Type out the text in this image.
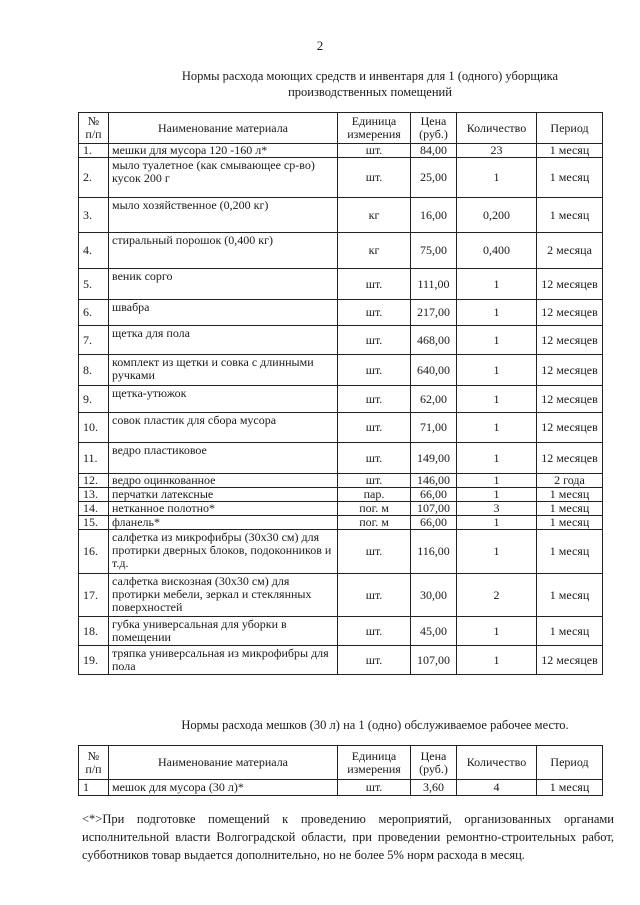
2
Нормы расхода моющих средств и инвентаря для 1 (одного) уборщика производственных помещений
№ п/п	Наименование материала	Единица измерения	Цена (руб.)	Количество	Период
1.	мешки для мусора 120 -160 л*	шт.	84,00	23	1 месяц
2.	мыло туалетное (как смывающее ср-во) кусок 200 г	шт.	25,00	1	1 месяц
3.	мыло хозяйственное (0,200 кг)	кг	16,00	0,200	1 месяц
4.	стиральный порошок (0,400 кг)	кг	75,00	0,400	2 месяца
5.	веник сорго	шт.	111,00	1	12 месяцев
6.	швабра	шт.	217,00	1	12 месяцев
7.	щетка для пола	шт.	468,00	1	12 месяцев
8.	комплект из щетки и совка с длинными ручками	шт.	640,00	1	12 месяцев
9.	щетка-утюжок	шт.	62,00	1	12 месяцев
10.	совок пластик для сбора мусора	шт.	71,00	1	12 месяцев
11.	ведро пластиковое	шт.	149,00	1	12 месяцев
12.	ведро оцинкованное	шт.	146,00	1	2 года
13.	перчатки латексные	пар.	66,00	1	1 месяц
14.	нетканное полотно*	пог. м	107,00	3	1 месяц
15.	фланель*	пог. м	66,00	1	1 месяц
16.	салфетка из микрофибры (30х30 см) для протирки дверных блоков, подоконников и т.д.	шт.	116,00	1	1 месяц
17.	салфетка вискозная (30х30 см) для протирки мебели, зеркал и стеклянных поверхностей	шт.	30,00	2	1 месяц
18.	губка универсальная для уборки в помещении	шт.	45,00	1	1 месяц
19.	тряпка универсальная из микрофибры для пола	шт.	107,00	1	12 месяцев
Нормы расхода мешков (30 л) на 1 (одно) обслуживаемое рабочее место.
№ п/п	Наименование материала	Единица измерения	Цена (руб.)	Количество	Период
1	мешок для мусора (30 л)*	шт.	3,60	4	1 месяц
<*>При подготовке помещений к проведению мероприятий, организованных органами исполнительной власти Волгоградской области, при проведении ремонтно-строительных работ, субботников товар выдается дополнительно, но не более 5% норм расхода в месяц.
